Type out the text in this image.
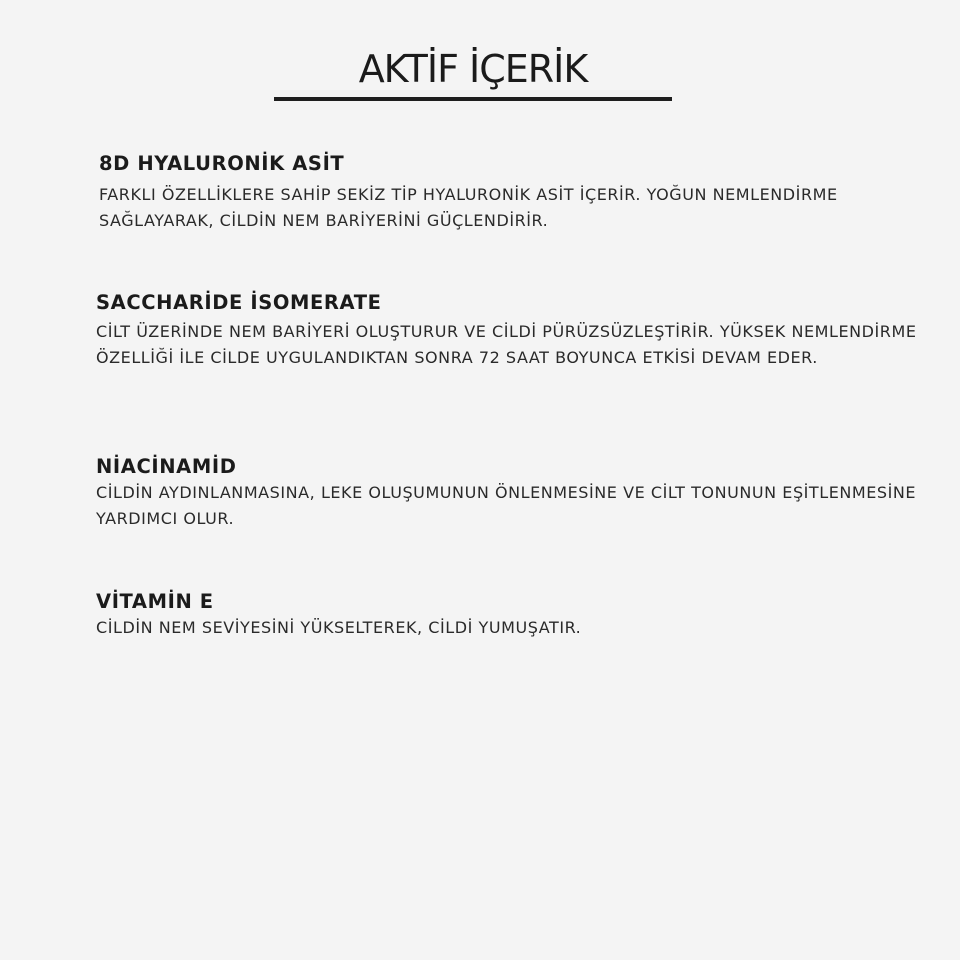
AKTİF İÇERİK
8D HYALURONİK ASİT

FARKLI ÖZELLİKLERE SAHİP SEKİZ TİP HYALURONİK ASİT İÇERİR. YOĞUN NEMLENDİRME SAĞLAYARAK, CİLDİN NEM BARİYERİNİ GÜÇLENDİRİR.

SACCHARİDE İSOMERATE

CİLT ÜZERİNDE NEM BARİYERİ OLUŞTURUR VE CİLDİ PÜRÜZSÜZLEŞTİRİR. YÜKSEK NEMLENDİRME ÖZELLİĞİ İLE CİLDE UYGULANDIKTAN SONRA 72 SAAT BOYUNCA ETKİSİ DEVAM EDER.

NİACİNAMİD

CİLDİN AYDINLANMASINA, LEKE OLUŞUMUNUN ÖNLENMESİNE VE CİLT TONUNUN EŞİTLENMESİNE YARDIMCI OLUR.

VİTAMİN E

CİLDİN NEM SEVİYESİNİ YÜKSELTEREK, CİLDİ YUMUŞATIR.
